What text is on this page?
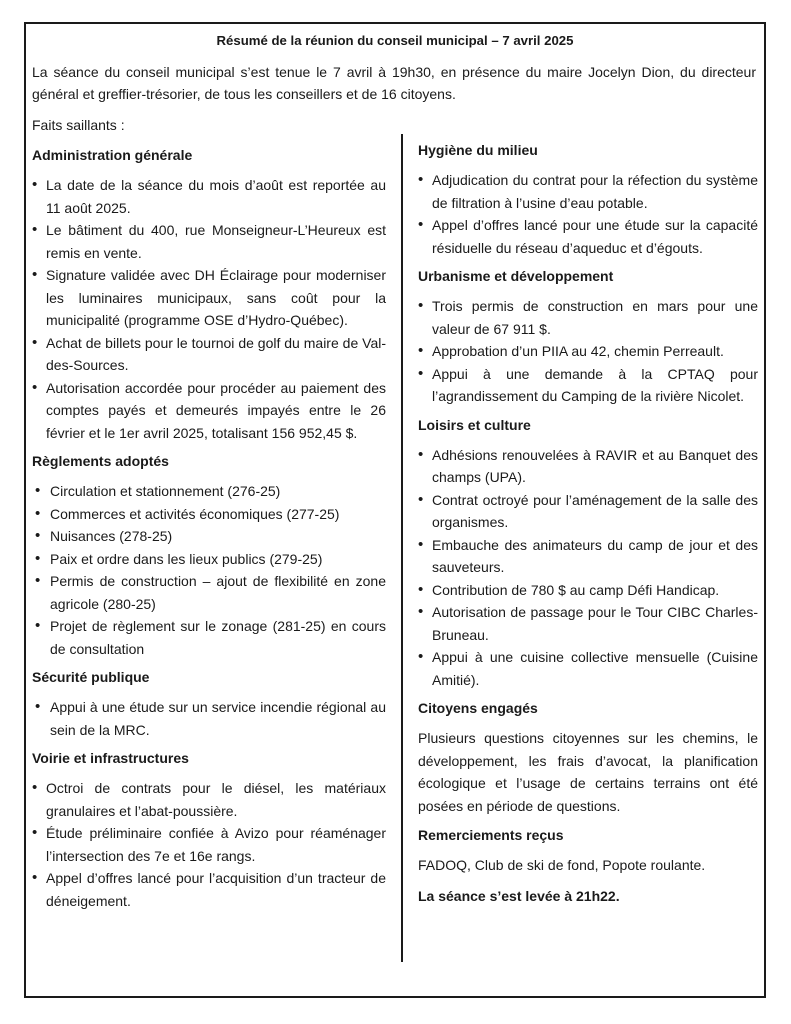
Résumé de la réunion du conseil municipal – 7 avril 2025
La séance du conseil municipal s’est tenue le 7 avril à 19h30, en présence du maire Jocelyn Dion, du directeur général et greffier-trésorier, de tous les conseillers et de 16 citoyens.
Faits saillants :
Administration générale
• La date de la séance du mois d’août est reportée au 11 août 2025.
• Le bâtiment du 400, rue Monseigneur-L’Heureux est remis en vente.
• Signature validée avec DH Éclairage pour moderniser les luminaires municipaux, sans coût pour la municipalité (programme OSE d’Hydro-Québec).
• Achat de billets pour le tournoi de golf du maire de Val-des-Sources.
• Autorisation accordée pour procéder au paiement des comptes payés et demeurés impayés entre le 26 février et le 1er avril 2025, totalisant 156 952,45 $.
Règlements adoptés
• Circulation et stationnement (276-25)
• Commerces et activités économiques (277-25)
• Nuisances (278-25)
• Paix et ordre dans les lieux publics (279-25)
• Permis de construction – ajout de flexibilité en zone agricole (280-25)
• Projet de règlement sur le zonage (281-25) en cours de consultation
Sécurité publique
• Appui à une étude sur un service incendie régional au sein de la MRC.
Voirie et infrastructures
• Octroi de contrats pour le diésel, les matériaux granulaires et l’abat-poussière.
• Étude préliminaire confiée à Avizo pour réaménager l’intersection des 7e et 16e rangs.
• Appel d’offres lancé pour l’acquisition d’un tracteur de déneigement.
Hygiène du milieu
• Adjudication du contrat pour la réfection du système de filtration à l’usine d’eau potable.
• Appel d’offres lancé pour une étude sur la capacité résiduelle du réseau d’aqueduc et d’égouts.
Urbanisme et développement
• Trois permis de construction en mars pour une valeur de 67 911 $.
• Approbation d’un PIIA au 42, chemin Perreault.
• Appui à une demande à la CPTAQ pour l’agrandissement du Camping de la rivière Nicolet.
Loisirs et culture
• Adhésions renouvelées à RAVIR et au Banquet des champs (UPA).
• Contrat octroyé pour l’aménagement de la salle des organismes.
• Embauche des animateurs du camp de jour et des sauveteurs.
• Contribution de 780 $ au camp Défi Handicap.
• Autorisation de passage pour le Tour CIBC Charles-Bruneau.
• Appui à une cuisine collective mensuelle (Cuisine Amitié).
Citoyens engagés
Plusieurs questions citoyennes sur les chemins, le développement, les frais d’avocat, la planification écologique et l’usage de certains terrains ont été posées en période de questions.
Remerciements reçus
FADOQ, Club de ski de fond, Popote roulante.
La séance s’est levée à 21h22.
